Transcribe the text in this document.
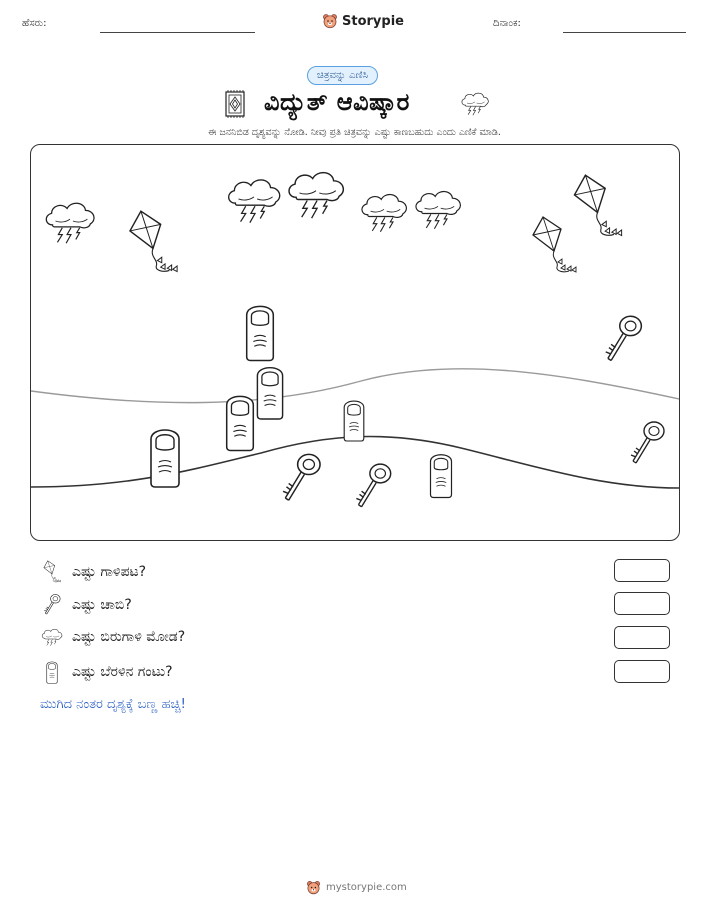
ಹೆಸರು:	Storypie	ದಿನಾಂಕ:
ಚಿತ್ರವನ್ನು ಎಣಿಸಿ
ವಿದ್ಯುತ್ ಆವಿಷ್ಕಾರ
ಈ ಜನನಿಬಿಡ ದೃಶ್ಯವನ್ನು ನೋಡಿ. ನೀವು ಪ್ರತಿ ಚಿತ್ರವನ್ನು ಎಷ್ಟು ಕಾಣಬಹುದು ಎಂದು ಎಣಿಕೆ ಮಾಡಿ.
ಎಷ್ಟು ಗಾಳಿಪಟ?
ಎಷ್ಟು ಚಾಬಿ?
ಎಷ್ಟು ಬಿರುಗಾಳಿ ಮೋಡ?
ಎಷ್ಟು ಬೆರಳಿನ ಗಂಟು?
ಮುಗಿದ ನಂತರ ದೃಶ್ಯಕ್ಕೆ ಬಣ್ಣ ಹಚ್ಚಿ!
mystorypie.com
